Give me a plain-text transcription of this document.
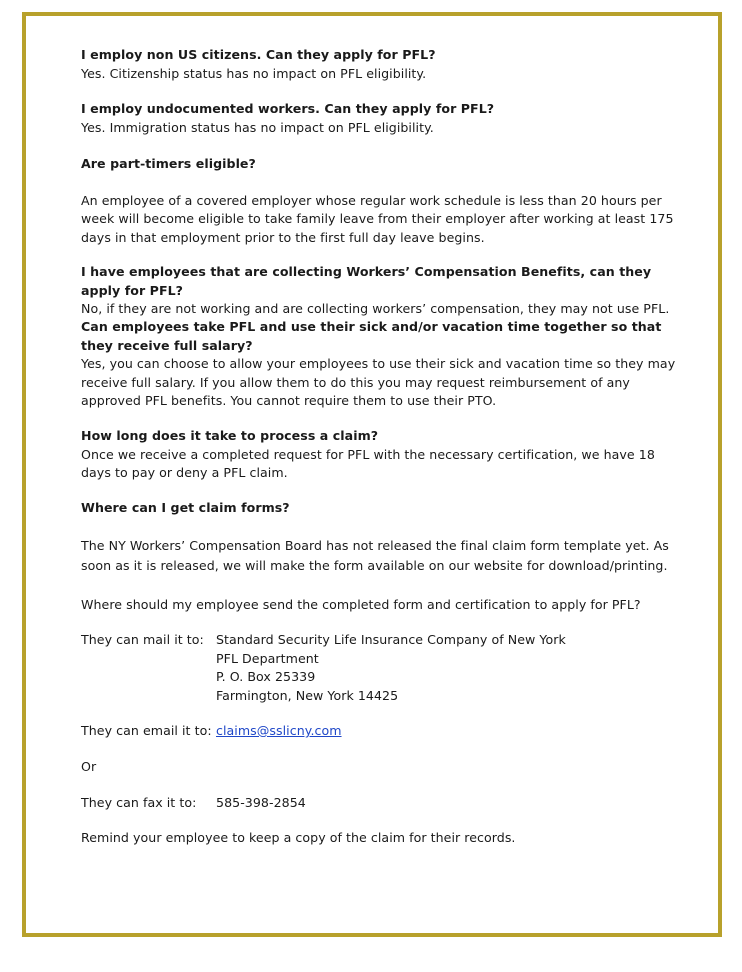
I employ non US citizens. Can they apply for PFL?

Yes. Citizenship status has no impact on PFL eligibility.

I employ undocumented workers. Can they apply for PFL?

Yes. Immigration status has no impact on PFL eligibility.

Are part-timers eligible?

An employee of a covered employer whose regular work schedule is less than 20 hours per week will become eligible to take family leave from their employer after working at least 175 days in that employment prior to the first full day leave begins.

I have employees that are collecting Workers’ Compensation Benefits, can they apply for PFL?

No, if they are not working and are collecting workers’ compensation, they may not use PFL.

Can employees take PFL and use their sick and/or vacation time together so that they receive full salary?

Yes, you can choose to allow your employees to use their sick and vacation time so they may receive full salary. If you allow them to do this you may request reimbursement of any approved PFL benefits. You cannot require them to use their PTO.

How long does it take to process a claim?

Once we receive a completed request for PFL with the necessary certification, we have 18 days to pay or deny a PFL claim.

Where can I get claim forms?

The NY Workers’ Compensation Board has not released the final claim form template yet. As soon as it is released, we will make the form available on our website for download/printing.

Where should my employee send the completed form and certification to apply for PFL?

They can mail it to: Standard Security Life Insurance Company of New York

PFL Department

P. O. Box 25339

Farmington, New York 14425

They can email it to: claims@sslicny.com

Or

They can fax it to: 585-398-2854

Remind your employee to keep a copy of the claim for their records.
